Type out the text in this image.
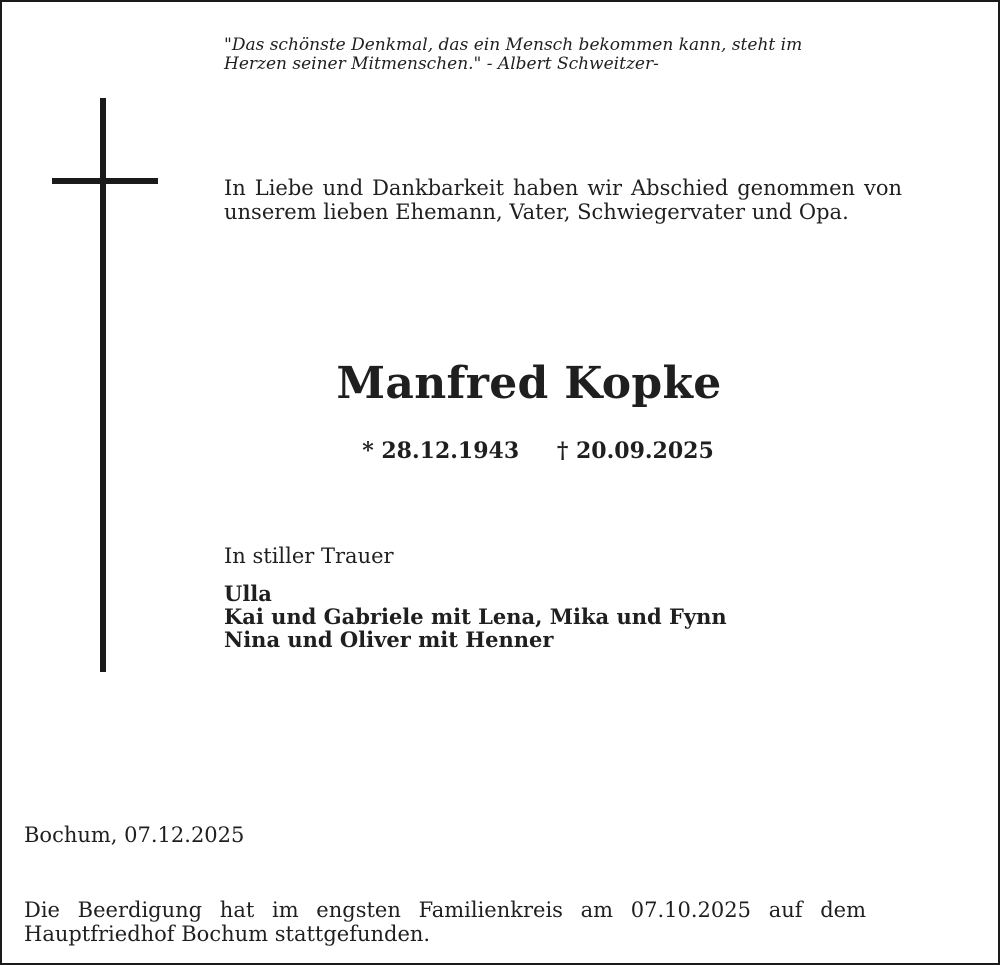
"Das schönste Denkmal, das ein Mensch bekommen kann, steht im
Herzen seiner Mitmenschen." - Albert Schweitzer-
In Liebe und Dankbarkeit haben wir Abschied genommen von unserem lieben Ehemann, Vater, Schwiegervater und Opa.
Manfred Kopke
* 28.12.1943 † 20.09.2025
In stiller Trauer
Ulla
Kai und Gabriele mit Lena, Mika und Fynn
Nina und Oliver mit Henner
Bochum, 07.12.2025
Die Beerdigung hat im engsten Familienkreis am 07.10.2025 auf dem Hauptfriedhof Bochum stattgefunden.
